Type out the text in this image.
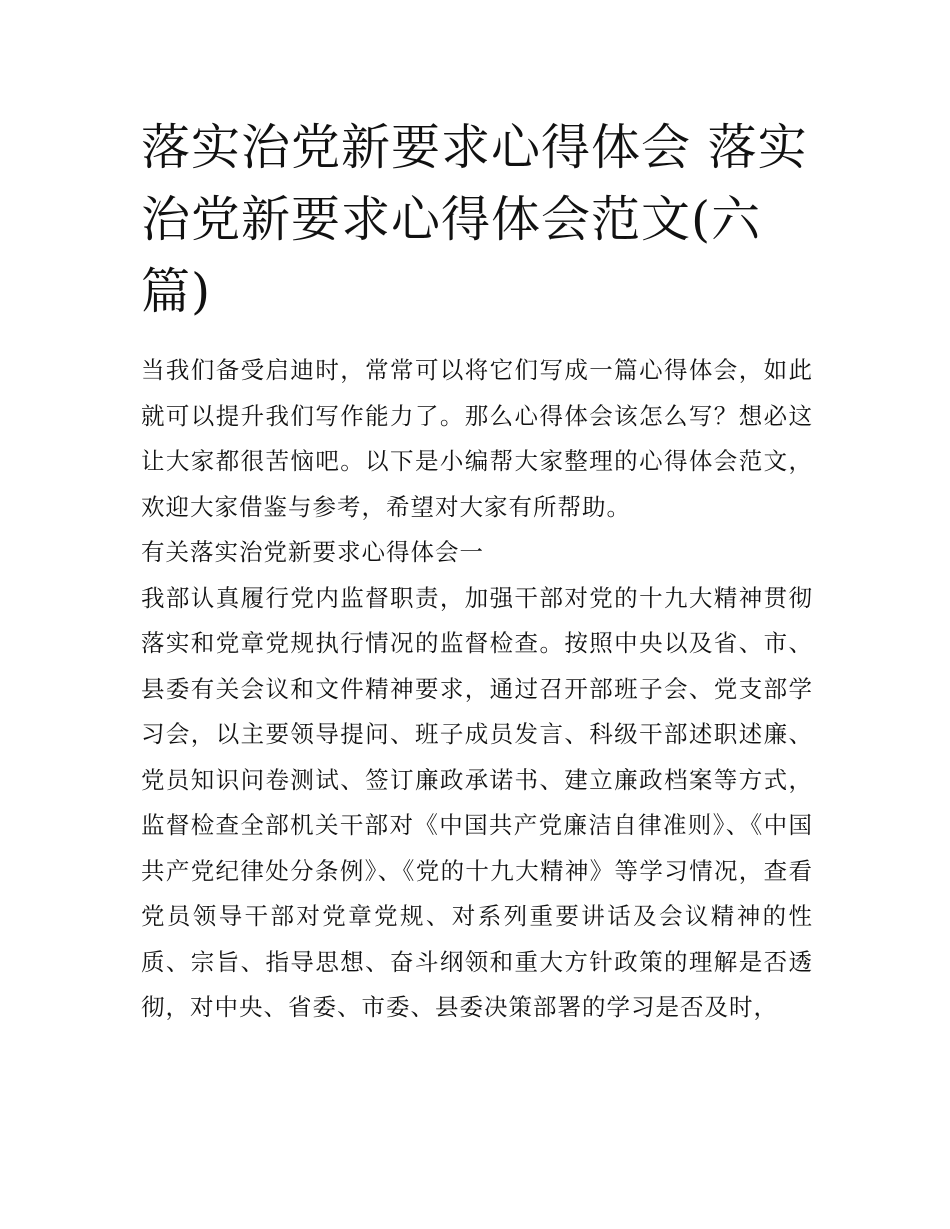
落实治党新要求心得体会 落实治党新要求心得体会范文(六篇)

当我们备受启迪时，常常可以将它们写成一篇心得体会，如此就可以提升我们写作能力了。那么心得体会该怎么写？想必这让大家都很苦恼吧。以下是小编帮大家整理的心得体会范文，欢迎大家借鉴与参考，希望对大家有所帮助。

有关落实治党新要求心得体会一

我部认真履行党内监督职责，加强干部对党的十九大精神贯彻落实和党章党规执行情况的监督检查。按照中央以及省、市、县委有关会议和文件精神要求，通过召开部班子会、党支部学习会，以主要领导提问、班子成员发言、科级干部述职述廉、党员知识问卷测试、签订廉政承诺书、建立廉政档案等方式，监督检查全部机关干部对《中国共产党廉洁自律准则》、《中国共产党纪律处分条例》、《党的十九大精神》等学习情况，查看党员领导干部对党章党规、对系列重要讲话及会议精神的性质、宗旨、指导思想、奋斗纲领和重大方针政策的理解是否透彻，对中央、省委、市委、县委决策部署的学习是否及时，
